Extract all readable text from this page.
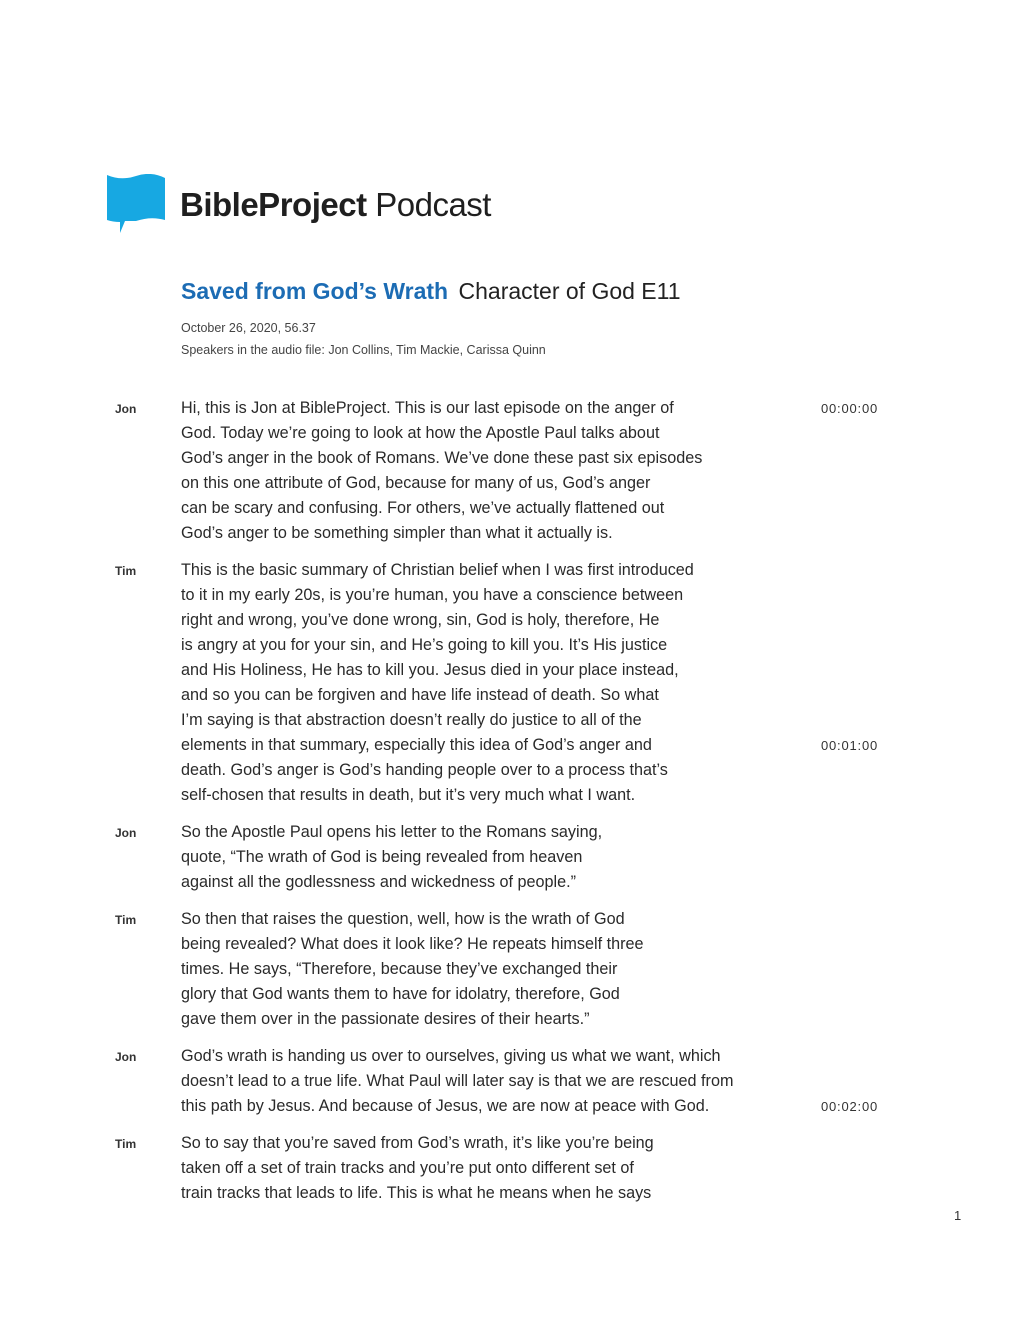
BibleProject Podcast
Saved from God’s Wrath Character of God E11
October 26, 2020, 56.37
Speakers in the audio file: Jon Collins, Tim Mackie, Carissa Quinn
Jon	Hi, this is Jon at BibleProject. This is our last episode on the anger of	00:00:00
God. Today we’re going to look at how the Apostle Paul talks about
God’s anger in the book of Romans. We’ve done these past six episodes
on this one attribute of God, because for many of us, God’s anger
can be scary and confusing. For others, we’ve actually flattened out
God’s anger to be something simpler than what it actually is.
Tim	This is the basic summary of Christian belief when I was first introduced
to it in my early 20s, is you’re human, you have a conscience between
right and wrong, you’ve done wrong, sin, God is holy, therefore, He
is angry at you for your sin, and He’s going to kill you. It’s His justice
and His Holiness, He has to kill you. Jesus died in your place instead,
and so you can be forgiven and have life instead of death. So what
I’m saying is that abstraction doesn’t really do justice to all of the
elements in that summary, especially this idea of God’s anger and	00:01:00
death. God’s anger is God’s handing people over to a process that’s
self-chosen that results in death, but it’s very much what I want.
Jon	So the Apostle Paul opens his letter to the Romans saying,
quote, “The wrath of God is being revealed from heaven
against all the godlessness and wickedness of people.”
Tim	So then that raises the question, well, how is the wrath of God
being revealed? What does it look like? He repeats himself three
times. He says, “Therefore, because they’ve exchanged their
glory that God wants them to have for idolatry, therefore, God
gave them over in the passionate desires of their hearts.”
Jon	God’s wrath is handing us over to ourselves, giving us what we want, which
doesn’t lead to a true life. What Paul will later say is that we are rescued from
this path by Jesus. And because of Jesus, we are now at peace with God.	00:02:00
Tim	So to say that you’re saved from God’s wrath, it’s like you’re being
taken off a set of train tracks and you’re put onto different set of
train tracks that leads to life. This is what he means when he says
1
